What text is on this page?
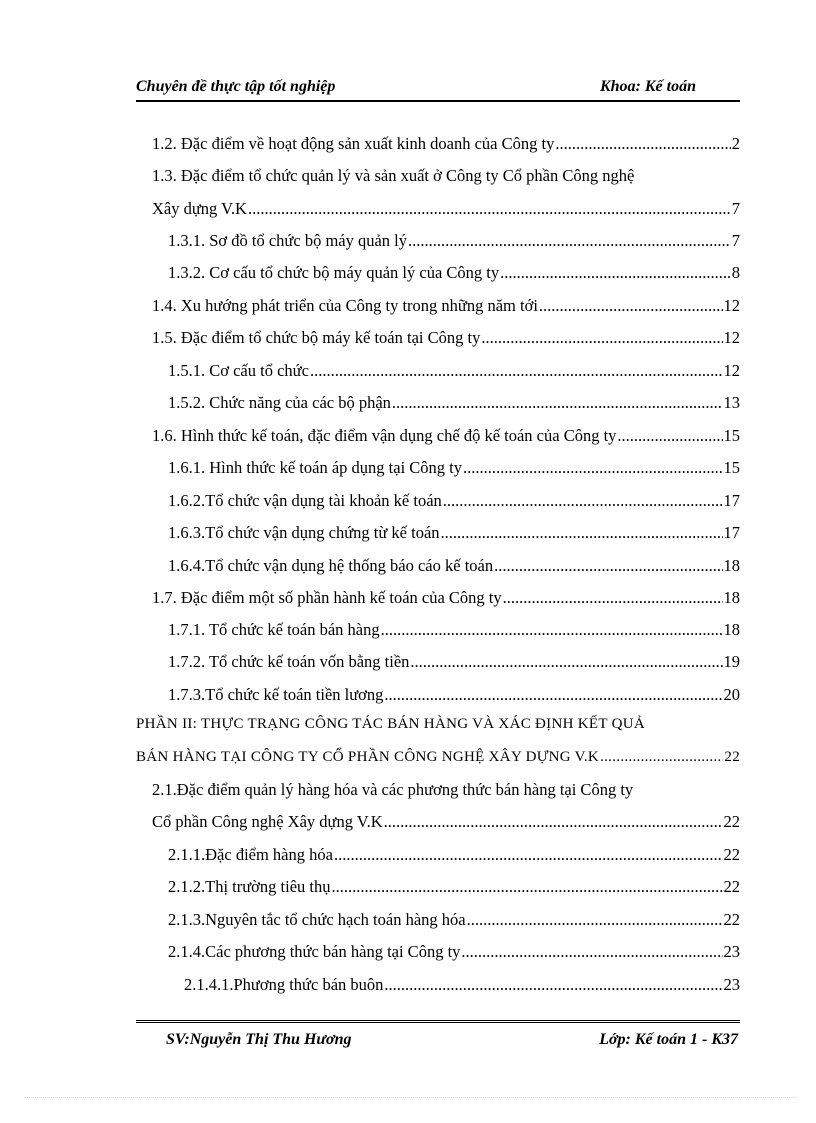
Chuyên đề thực tập tốt nghiệp	Khoa: Kế toán
1.2. Đặc điểm về hoạt động sản xuất kinh doanh của Công ty .....	2
1.3. Đặc điểm tổ chức quản lý và sản xuất ở Công ty Cổ phần Công nghệ
Xây dựng V.K .....	7
1.3.1. Sơ đồ tổ chức bộ máy quản lý .....	7
1.3.2. Cơ cấu tổ chức bộ máy quản lý của Công ty .....	8
1.4. Xu hướng phát triển của Công ty trong những năm tới .....	12
1.5. Đặc điểm tổ chức bộ máy kế toán tại Công ty .....	12
1.5.1. Cơ cấu tổ chức .....	12
1.5.2. Chức năng của các bộ phận .....	13
1.6. Hình thức kế toán, đặc điểm vận dụng chế độ kế toán của Công ty .....	15
1.6.1. Hình thức kế toán áp dụng tại Công ty .....	15
1.6.2.Tổ chức vận dụng tài khoản kế toán .....	17
1.6.3.Tổ chức vận dụng chứng từ kế toán .....	17
1.6.4.Tổ chức vận dụng hệ thống báo cáo kế toán .....	18
1.7. Đặc điểm một số phần hành kế toán của Công ty .....	18
1.7.1. Tổ chức kế toán bán hàng .....	18
1.7.2. Tổ chức kế toán vốn bằng tiền .....	19
1.7.3.Tổ chức kế toán tiền lương .....	20
PHẦN II: THỰC TRẠNG CÔNG TÁC BÁN HÀNG VÀ XÁC ĐỊNH KẾT QUẢ
BÁN HÀNG TẠI CÔNG TY CỔ PHẦN CÔNG NGHỆ XÂY DỰNG V.K .....	22
2.1.Đặc điểm quản lý hàng hóa và các phương thức bán hàng tại Công ty
Cổ phần Công nghệ Xây dựng V.K .....	22
2.1.1.Đặc điểm hàng hóa .....	22
2.1.2.Thị trường tiêu thụ .....	22
2.1.3.Nguyên tắc tổ chức hạch toán hàng hóa .....	22
2.1.4.Các phương thức bán hàng tại Công ty .....	23
2.1.4.1.Phương thức bán buôn .....	23
SV:Nguyễn Thị Thu Hương	Lớp: Kế toán 1 - K37
